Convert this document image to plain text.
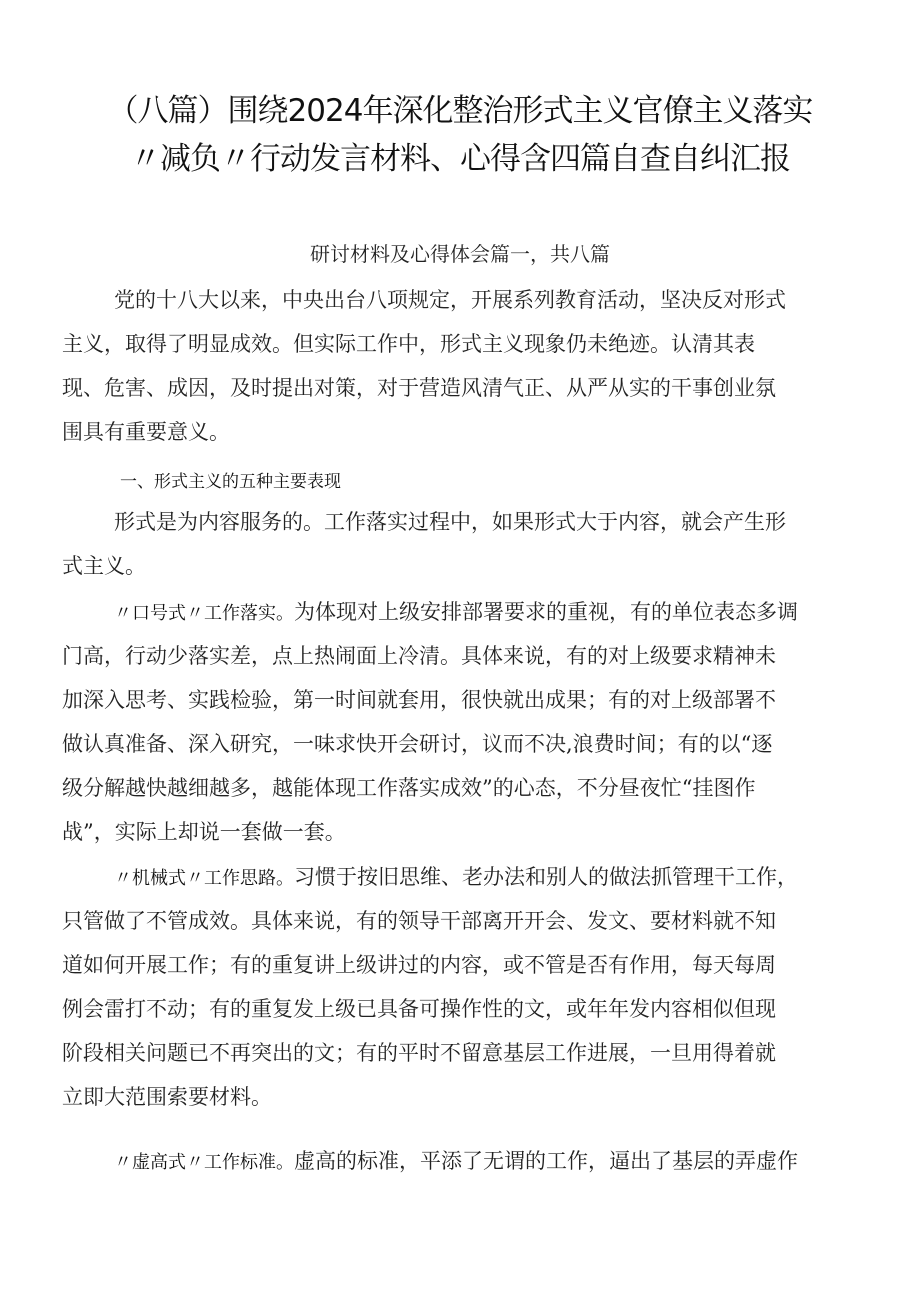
（八篇）围绕2024年深化整治形式主义官僚主义落实
〃减负〃行动发言材料、心得含四篇自查自纠汇报
研讨材料及心得体会篇一，共八篇
党的十八大以来，中央出台八项规定，开展系列教育活动，坚决反对形式
主义，取得了明显成效。但实际工作中，形式主义现象仍未绝迹。认清其表
现、危害、成因，及时提出对策，对于营造风清气正、从严从实的干事创业氛
围具有重要意义。
一、形式主义的五种主要表现
形式是为内容服务的。工作落实过程中，如果形式大于内容，就会产生形
式主义。
〃口号式〃工作落实。为体现对上级安排部署要求的重视，有的单位表态多调
门高，行动少落实差，点上热闹面上冷清。具体来说，有的对上级要求精神未
加深入思考、实践检验，第一时间就套用，很快就出成果；有的对上级部署不
做认真准备、深入研究，一味求快开会研讨，议而不决,浪费时间；有的以“逐
级分解越快越细越多，越能体现工作落实成效”的心态，不分昼夜忙“挂图作
战”，实际上却说一套做一套。
〃机械式〃工作思路。习惯于按旧思维、老办法和别人的做法抓管理干工作，
只管做了不管成效。具体来说，有的领导干部离开开会、发文、要材料就不知
道如何开展工作；有的重复讲上级讲过的内容，或不管是否有作用，每天每周
例会雷打不动；有的重复发上级已具备可操作性的文，或年年发内容相似但现
阶段相关问题已不再突出的文；有的平时不留意基层工作进展，一旦用得着就
立即大范围索要材料。
〃虚高式〃工作标准。虚高的标准，平添了无谓的工作，逼出了基层的弄虚作
